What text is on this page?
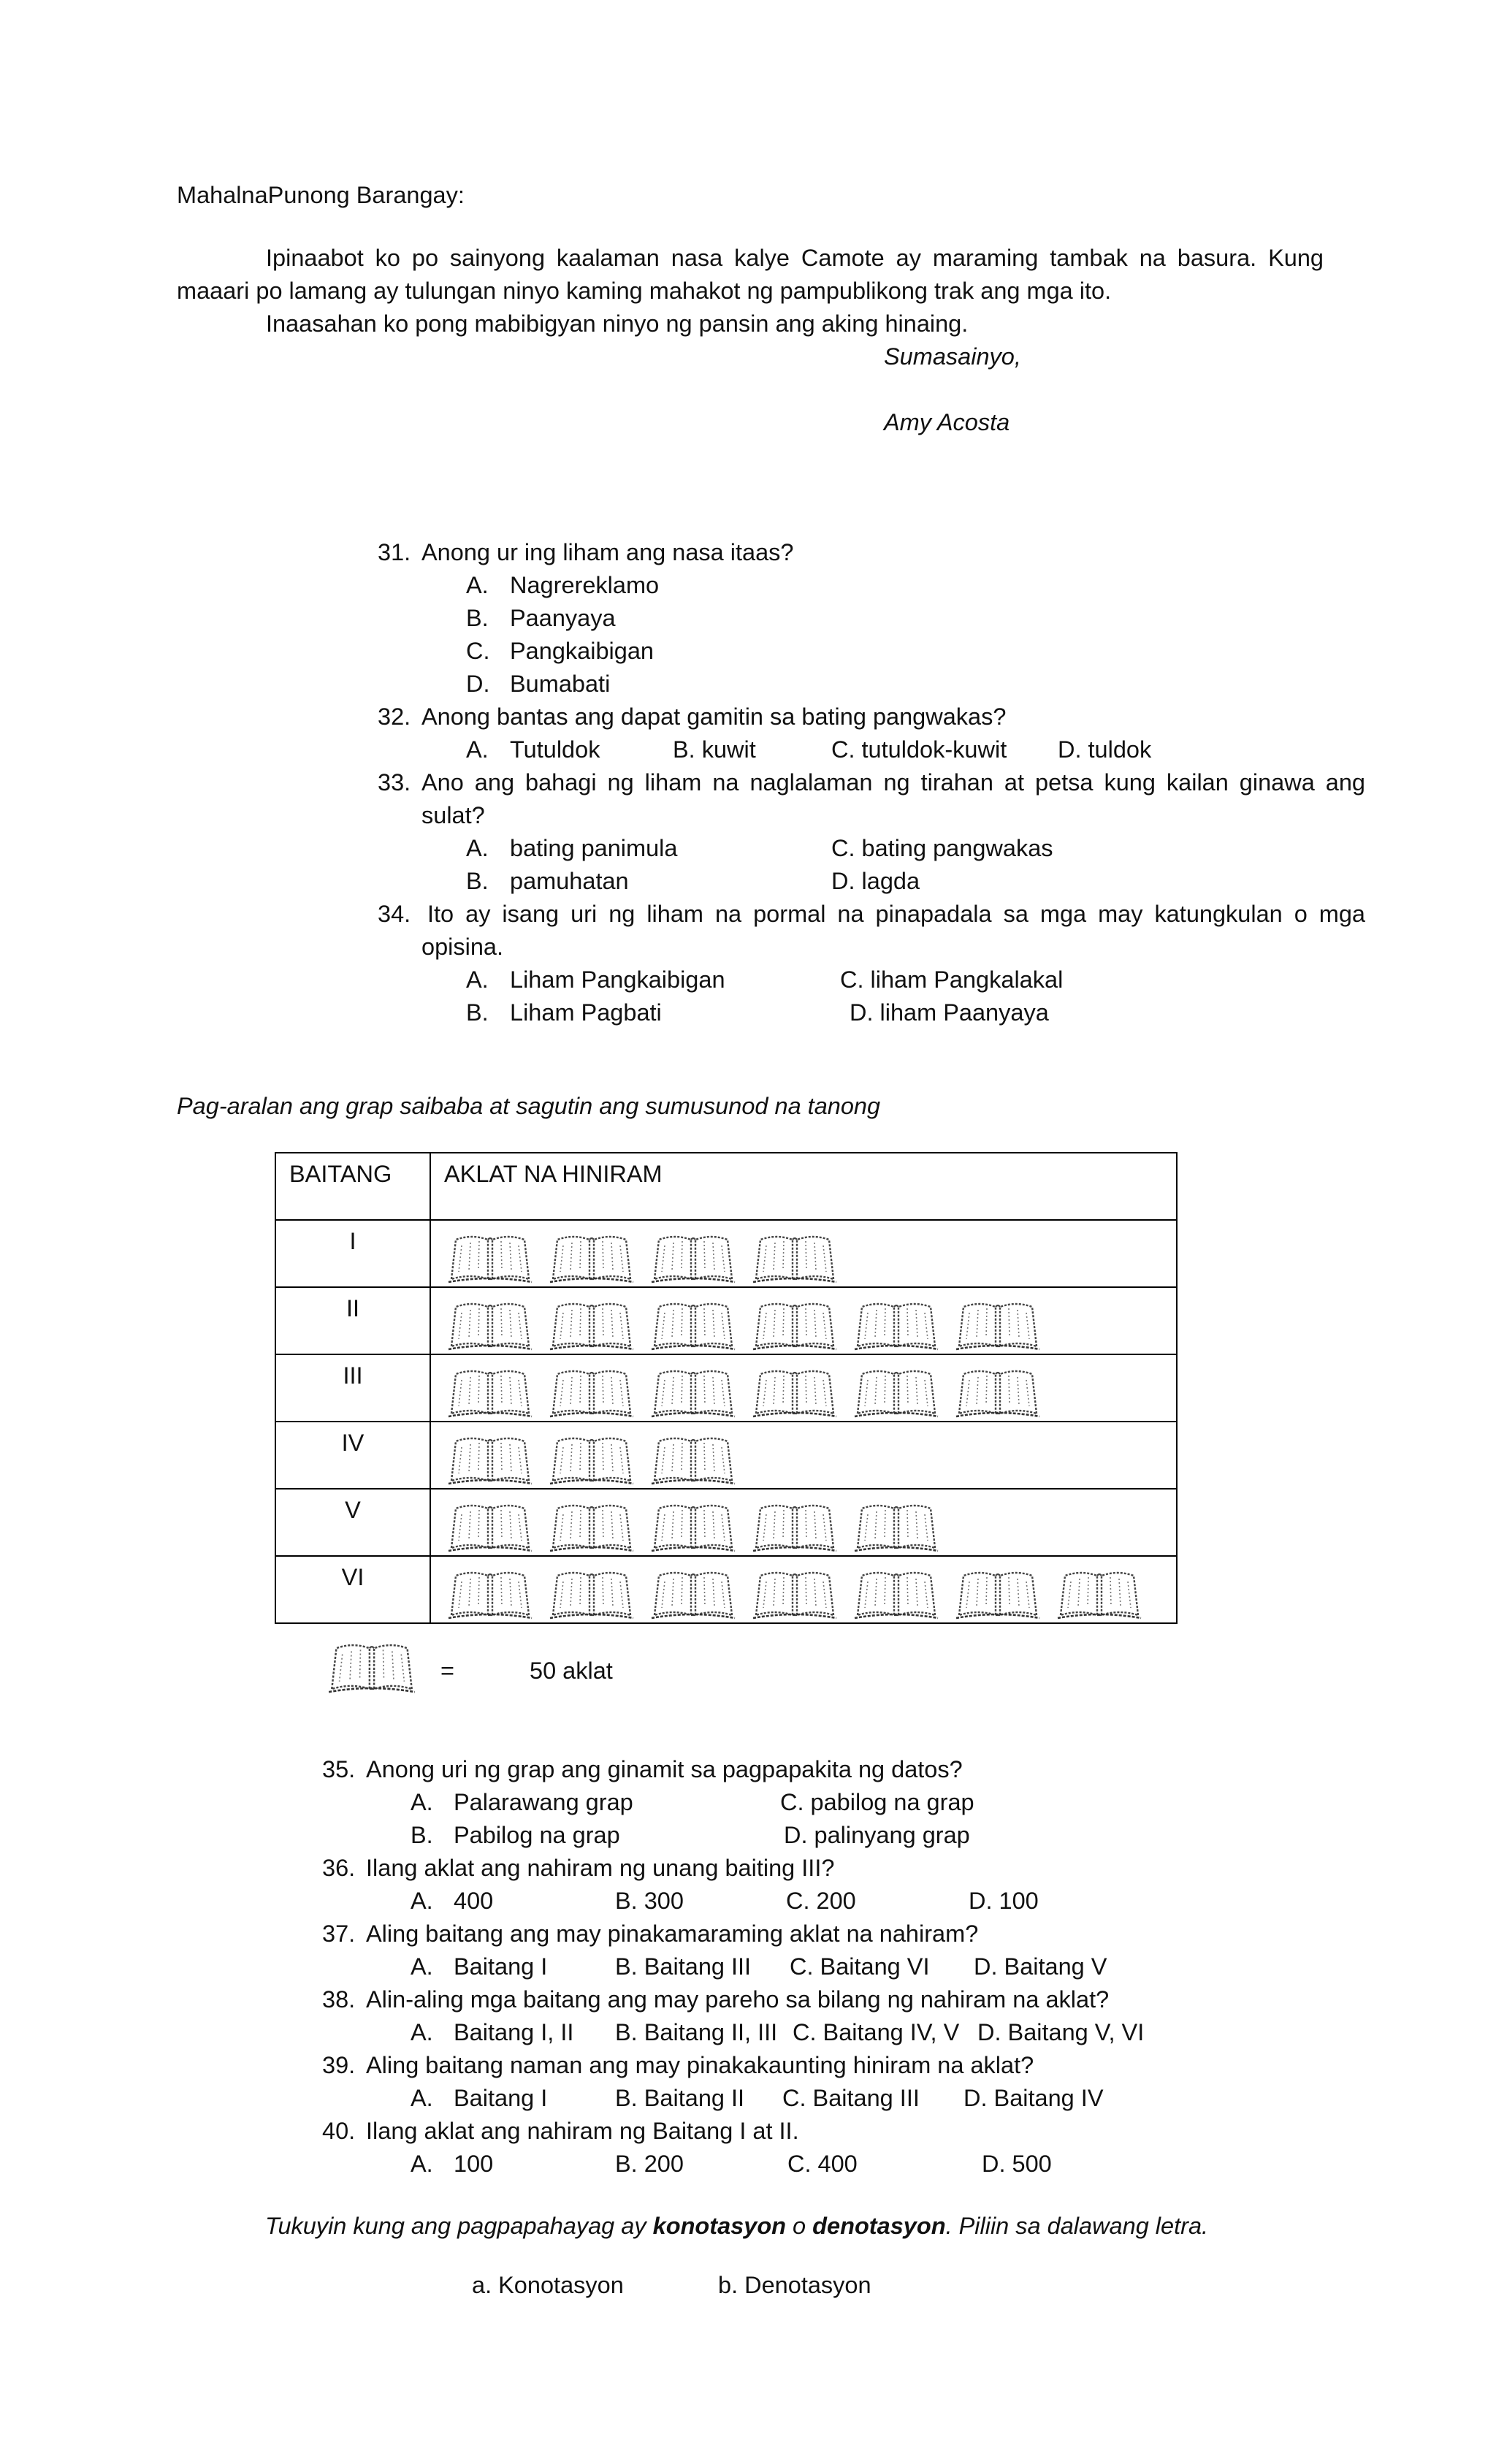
MahalnaPunong Barangay:
Ipinaabot ko po sainyong kaalaman nasa kalye Camote ay maraming tambak na basura. Kung
maaari po lamang ay tulungan ninyo kaming mahakot ng pampublikong trak ang mga ito.
Inaasahan ko pong mabibigyan ninyo ng pansin ang aking hinaing.
Sumasainyo,
Amy Acosta
31. Anong ur ing liham ang nasa itaas?
A. Nagrereklamo
B. Paanyaya
C. Pangkaibigan
D. Bumabati
32. Anong bantas ang dapat gamitin sa bating pangwakas?
A. Tutuldok	B. kuwit	C. tutuldok-kuwit D. tuldok
33. Ano ang bahagi ng liham na naglalaman ng tirahan at petsa kung kailan ginawa ang
sulat?
A. bating panimula	C. bating pangwakas
B. pamuhatan	D. lagda
34. Ito ay isang uri ng liham na pormal na pinapadala sa mga may katungkulan o mga
opisina.
A. Liham Pangkaibigan	C. liham Pangkalakal
B. Liham Pagbati	D. liham Paanyaya
Pag-aralan ang grap saibaba at sagutin ang sumusunod na tanong
BAITANG	AKLAT NA HINIRAM

I

II

III

IV

V

VI

=	50 aklat
35. Anong uri ng grap ang ginamit sa pagpapakita ng datos?
A. Palarawang grap	C. pabilog na grap
B. Pabilog na grap	D. palinyang grap
36. Ilang aklat ang nahiram ng unang baiting III?
A. 400	B. 300	C. 200	D. 100
37. Aling baitang ang may pinakamaraming aklat na nahiram?
A. Baitang I	B. Baitang III C. Baitang VI D. Baitang V
38. Alin-aling mga baitang ang may pareho sa bilang ng nahiram na aklat?
A. Baitang I, II B. Baitang II, III C. Baitang IV, V D. Baitang V, VI
39. Aling baitang naman ang may pinakakaunting hiniram na aklat?
A. Baitang I	B. Baitang II C. Baitang III D. Baitang IV
40. Ilang aklat ang nahiram ng Baitang I at II.
A. 100	B. 200	C. 400	D. 500
Tukuyin kung ang pagpapahayag ay konotasyon o denotasyon. Piliin sa dalawang letra.
a. Konotasyon	b. Denotasyon
